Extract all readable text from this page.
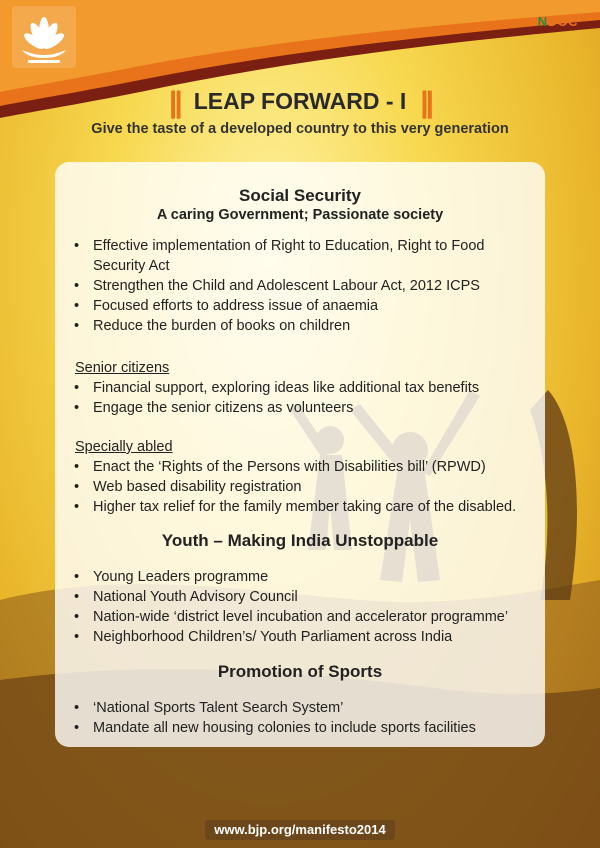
NDOC
|| LEAP FORWARD - I ||
Give the taste of a developed country to this very generation
Social Security
A caring Government; Passionate society
• Effective implementation of Right to Education, Right to Food Security Act
• Strengthen the Child and Adolescent Labour Act, 2012 ICPS
• Focused efforts to address issue of anaemia
• Reduce the burden of books on children
Senior citizens
• Financial support, exploring ideas like additional tax benefits
• Engage the senior citizens as volunteers
Specially abled
• Enact the ‘Rights of the Persons with Disabilities bill’ (RPWD)
• Web based disability registration
• Higher tax relief for the family member taking care of the disabled.
Youth – Making India Unstoppable
• Young Leaders programme
• National Youth Advisory Council
• Nation-wide ‘district level incubation and accelerator programme’
• Neighborhood Children’s/ Youth Parliament across India
Promotion of Sports
• ‘National Sports Talent Search System’
• Mandate all new housing colonies to include sports facilities
www.bjp.org/manifesto2014
